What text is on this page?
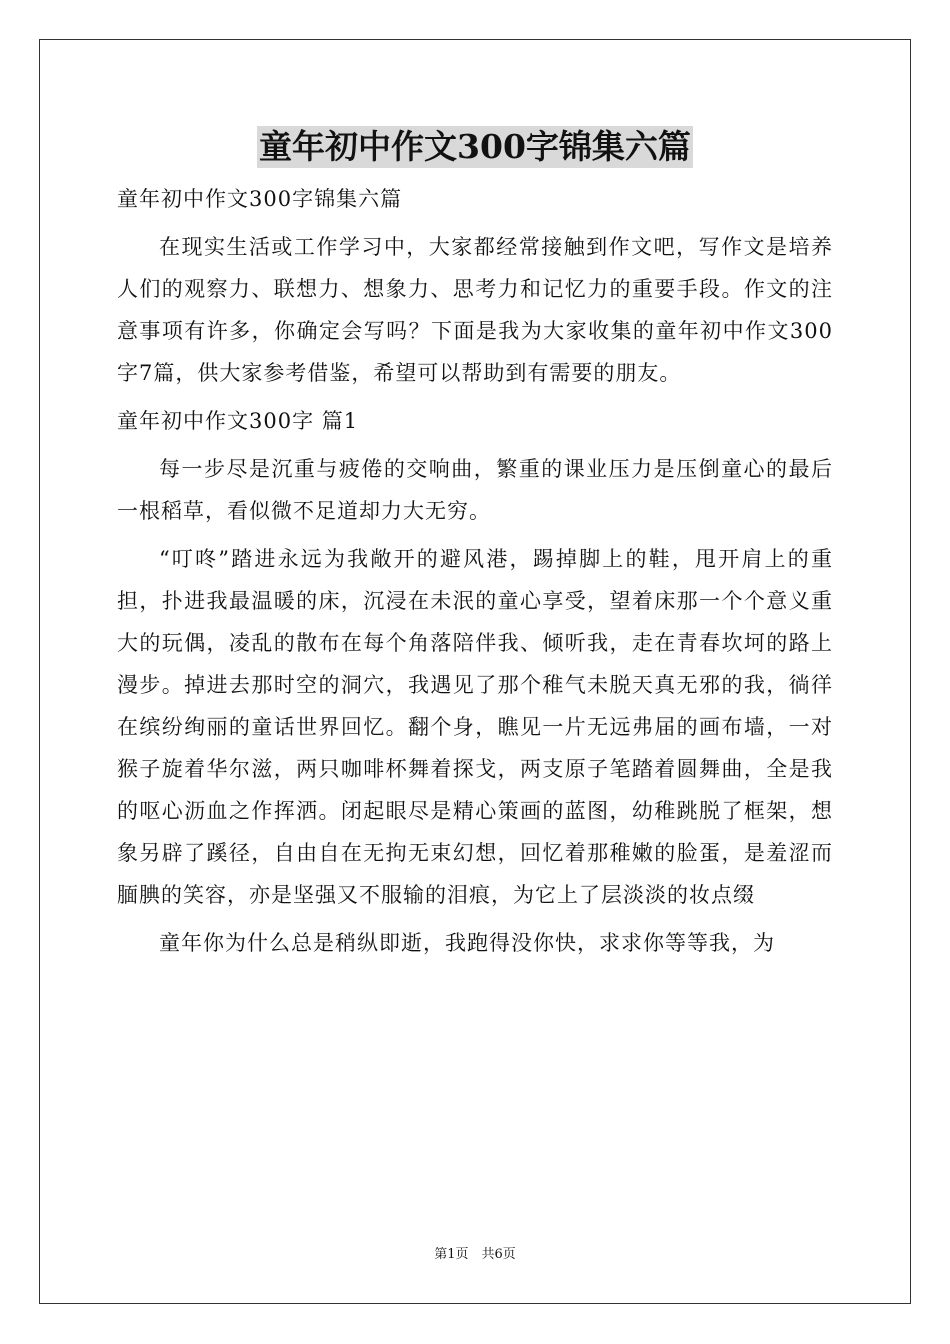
童年初中作文300字锦集六篇

童年初中作文300字锦集六篇

在现实生活或工作学习中，大家都经常接触到作文吧，写作文是培养人们的观察力、联想力、想象力、思考力和记忆力的重要手段。作文的注意事项有许多，你确定会写吗？下面是我为大家收集的童年初中作文300字7篇，供大家参考借鉴，希望可以帮助到有需要的朋友。

童年初中作文300字 篇1

每一步尽是沉重与疲倦的交响曲，繁重的课业压力是压倒童心的最后一根稻草，看似微不足道却力大无穷。

“叮咚”踏进永远为我敞开的避风港，踢掉脚上的鞋，甩开肩上的重担，扑进我最温暖的床，沉浸在未泯的童心享受，望着床那一个个意义重大的玩偶，凌乱的散布在每个角落陪伴我、倾听我，走在青春坎坷的路上漫步。掉进去那时空的洞穴，我遇见了那个稚气未脱天真无邪的我，徜徉在缤纷绚丽的童话世界回忆。翻个身，瞧见一片无远弗届的画布墙，一对猴子旋着华尔滋，两只咖啡杯舞着探戈，两支原子笔踏着圆舞曲，全是我的呕心沥血之作挥洒。闭起眼尽是精心策画的蓝图，幼稚跳脱了框架，想象另辟了蹊径，自由自在无拘无束幻想，回忆着那稚嫩的脸蛋，是羞涩而腼腆的笑容，亦是坚强又不服输的泪痕，为它上了层淡淡的妆点缀

童年你为什么总是稍纵即逝，我跑得没你快，求求你等等我，为

第1页　共6页
